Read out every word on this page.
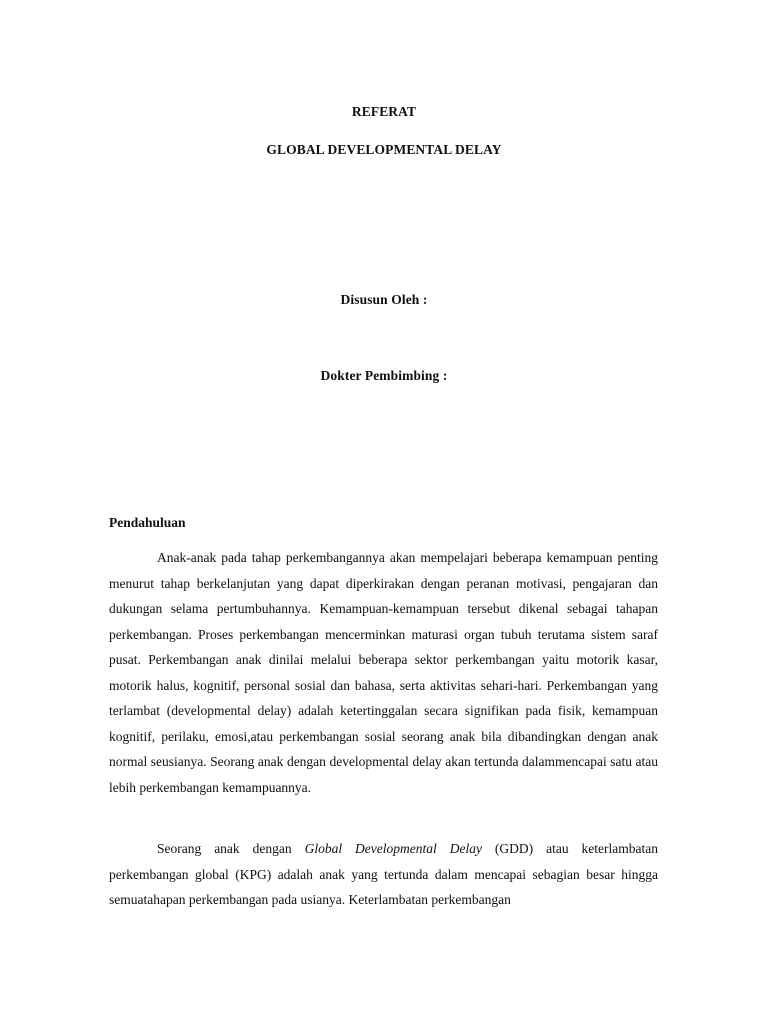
REFERAT

GLOBAL DEVELOPMENTAL DELAY

Disusun Oleh :

Dokter Pembimbing :

Pendahuluan

Anak-anak pada tahap perkembangannya akan mempelajari beberapa kemampuan penting menurut tahap berkelanjutan yang dapat diperkirakan dengan peranan motivasi, pengajaran dan dukungan selama pertumbuhannya. Kemampuan-kemampuan tersebut dikenal sebagai tahapan perkembangan. Proses perkembangan mencerminkan maturasi organ tubuh terutama sistem saraf pusat. Perkembangan anak dinilai melalui beberapa sektor perkembangan yaitu motorik kasar, motorik halus, kognitif, personal sosial dan bahasa, serta aktivitas sehari-hari. Perkembangan yang terlambat (developmental delay) adalah ketertinggalan secara signifikan pada fisik, kemampuan kognitif, perilaku, emosi,atau perkembangan sosial seorang anak bila dibandingkan dengan anak normal seusianya. Seorang anak dengan developmental delay akan tertunda dalammencapai satu atau lebih perkembangan kemampuannya.

Seorang anak dengan Global Developmental Delay (GDD) atau keterlambatan perkembangan global (KPG) adalah anak yang tertunda dalam mencapai sebagian besar hingga semuatahapan perkembangan pada usianya. Keterlambatan perkembangan
